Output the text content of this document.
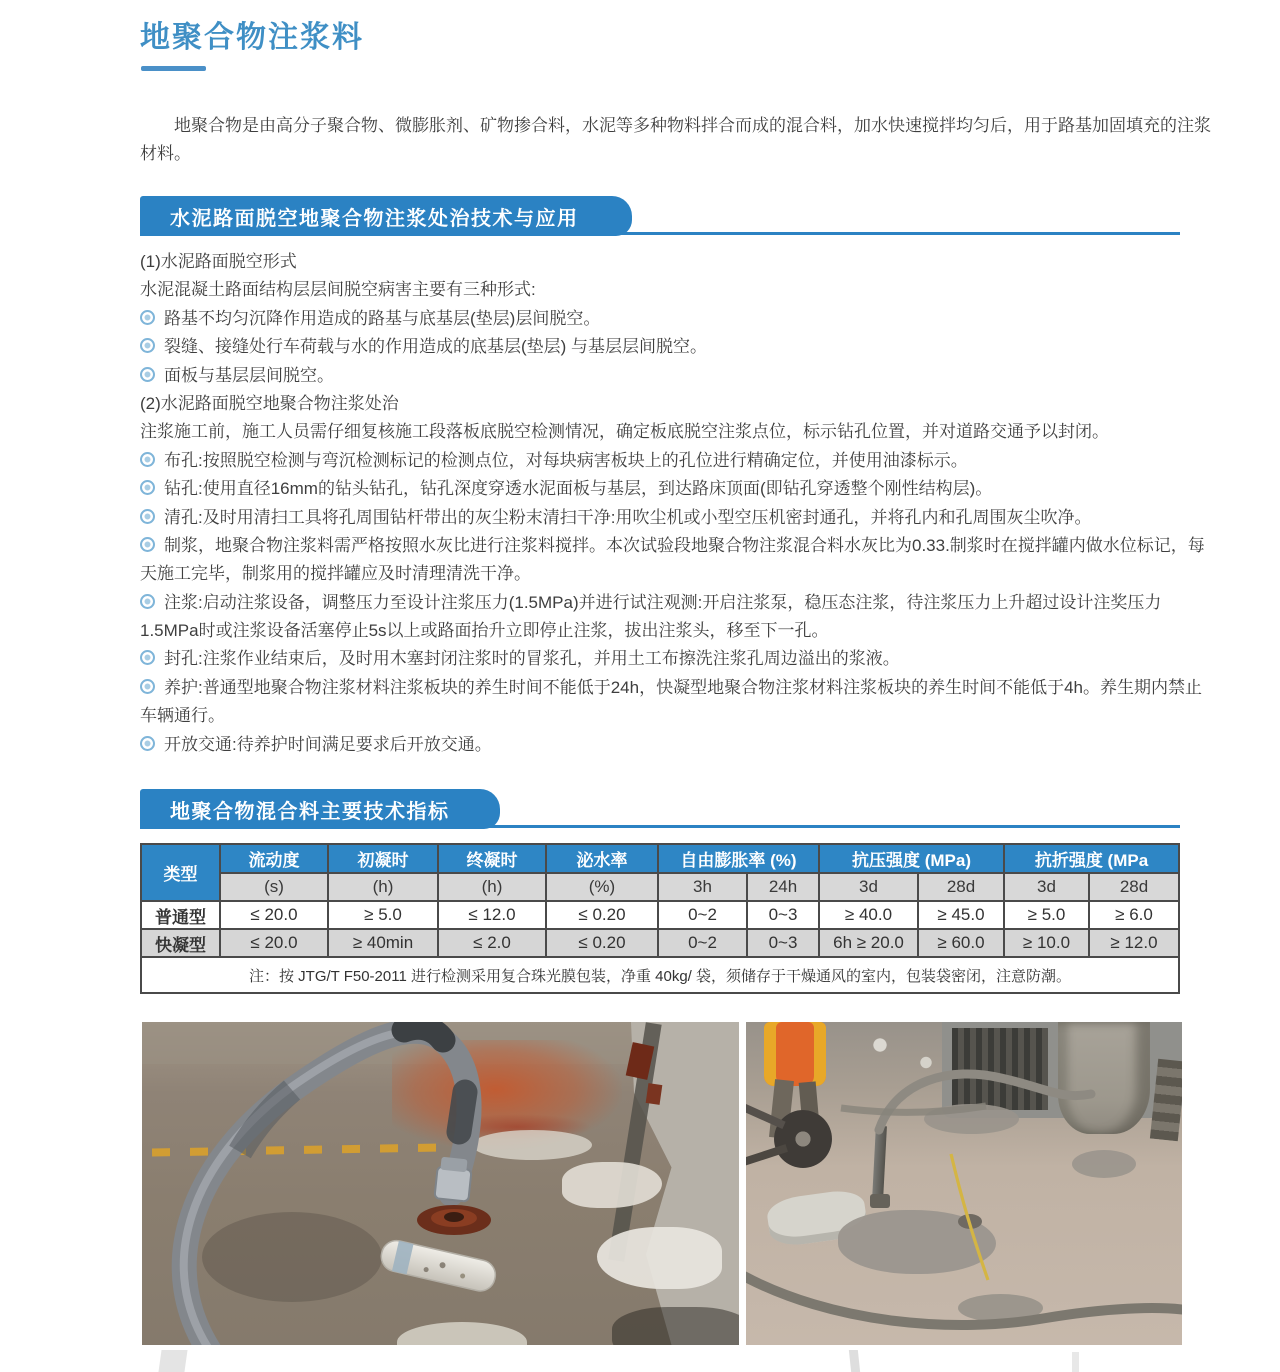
地聚合物注浆料
地聚合物是由高分子聚合物、微膨胀剂、矿物掺合料，水泥等多种物料拌合而成的混合料，加水快速搅拌均匀后，用于路基加固填充的注浆
材料。
水泥路面脱空地聚合物注浆处治技术与应用
(1)水泥路面脱空形式
水泥混凝土路面结构层层间脱空病害主要有三种形式:
路基不均匀沉降作用造成的路基与底基层(垫层)层间脱空。
裂缝、接缝处行车荷载与水的作用造成的底基层(垫层) 与基层层间脱空。
面板与基层层间脱空。
(2)水泥路面脱空地聚合物注浆处治
注浆施工前，施工人员需仔细复核施工段落板底脱空检测情况，确定板底脱空注浆点位，标示钻孔位置，并对道路交通予以封闭。
布孔:按照脱空检测与弯沉检测标记的检测点位，对每块病害板块上的孔位进行精确定位，并使用油漆标示。
钻孔:使用直径16mm的钻头钻孔，钻孔深度穿透水泥面板与基层，到达路床顶面(即钻孔穿透整个刚性结构层)。
清孔:及时用清扫工具将孔周围钻杆带出的灰尘粉末清扫干净:用吹尘机或小型空压机密封通孔，并将孔内和孔周围灰尘吹净。
制浆，地聚合物注浆料需严格按照水灰比进行注浆料搅拌。本次试验段地聚合物注浆混合料水灰比为0.33.制浆时在搅拌罐内做水位标记，每
天施工完毕，制浆用的搅拌罐应及时清理清洗干净。
注浆:启动注浆设备，调整压力至设计注浆压力(1.5MPa)并进行试注观测:开启注浆泵，稳压态注浆，待注浆压力上升超过设计注奖压力
1.5MPa时或注浆设备活塞停止5s以上或路面抬升立即停止注浆，拔出注浆头，移至下一孔。
封孔:注浆作业结束后，及时用木塞封闭注浆时的冒浆孔，并用土工布擦洗注浆孔周边溢出的浆液。
养护:普通型地聚合物注浆材料注浆板块的养生时间不能低于24h，快凝型地聚合物注浆材料注浆板块的养生时间不能低于4h。养生期内禁止
车辆通行。
开放交通:待养护时间满足要求后开放交通。
地聚合物混合料主要技术指标
类型	流动度	初凝时	终凝时	泌水率	自由膨胀率 (%)		抗压强度 (MPa)		抗折强度 (MPa	
	(s)	(h)	(h)	(%)	3h	24h	3d	28d	3d	28d
普通型	≤ 20.0	≥ 5.0	≤ 12.0	≤ 0.20	0~2	0~3	≥ 40.0	≥ 45.0	≥ 5.0	≥ 6.0
快凝型	≤ 20.0	≥ 40min	≤ 2.0	≤ 0.20	0~2	0~3	6h ≥ 20.0	≥ 60.0	≥ 10.0	≥ 12.0
注：按 JTG/T F50-2011 进行检测采用复合珠光膜包装，净重 40kg/ 袋，须储存于干燥通风的室内，包装袋密闭，注意防潮。										
